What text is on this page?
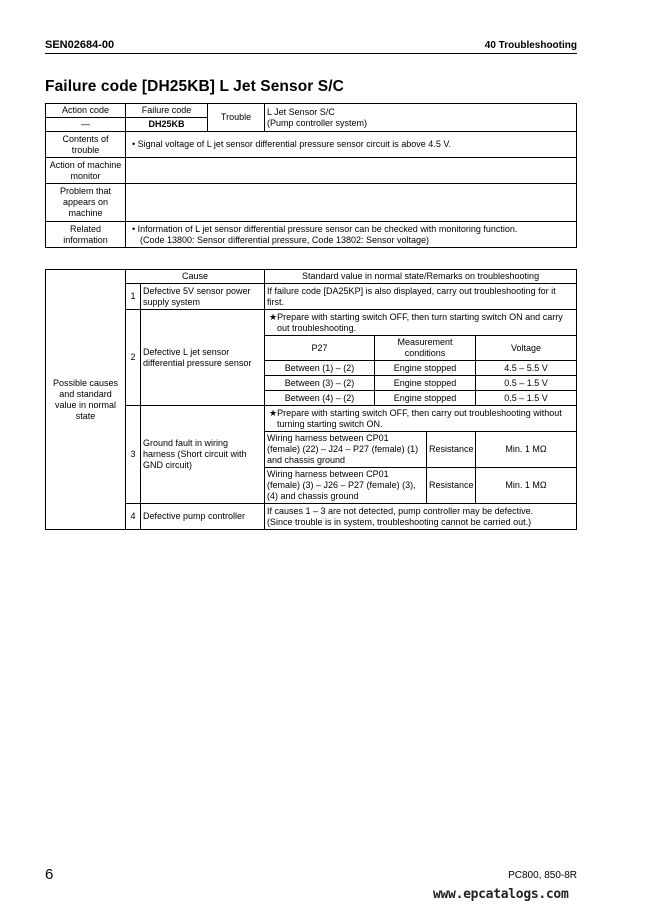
SEN02684-00	40 Troubleshooting
Failure code [DH25KB] L Jet Sensor S/C
Action code	Failure code	Trouble	L Jet Sensor S/C
(Pump controller system)

—	DH25KB		
Contents of trouble	• Signal voltage of L jet sensor differential pressure sensor circuit is above 4.5 V.		

Action of machine monitor			
Problem that appears on machine			
Related information	• Information of L jet sensor differential pressure sensor can be checked with monitoring function.
(Code 13800: Sensor differential pressure, Code 13802: Sensor voltage)		
Possible causes and standard value in normal state	Cause		Standard value in normal state/Remarks on troubleshooting			
	1	Defective 5V sensor power supply system	If failure code [DA25KP] is also displayed, carry out troubleshooting for it first.			
	2	Defective L jet sensor differential pressure sensor	★Prepare with starting switch OFF, then turn starting switch ON and carry out troubleshooting.			
			P27	Measurement conditions		Voltage
			Between (1) – (2)	Engine stopped		4.5 – 5.5 V
			Between (3) – (2)	Engine stopped		0.5 – 1.5 V
			Between (4) – (2)	Engine stopped		0.5 – 1.5 V
	3	Ground fault in wiring harness (Short circuit with GND circuit)	★Prepare with starting switch OFF, then carry out troubleshooting without turning starting switch ON.			
			Wiring harness between CP01 (female) (22) – J24 – P27 (female) (1) and chassis ground		Resistance	Min. 1 MΩ
			Wiring harness between CP01 (female) (3) – J26 – P27 (female) (3), (4) and chassis ground		Resistance	Min. 1 MΩ
	4	Defective pump controller	If causes 1 – 3 are not detected, pump controller may be defective.
(Since trouble is in system, troubleshooting cannot be carried out.)			
6	PC800, 850-8R
www.epcatalogs.com
